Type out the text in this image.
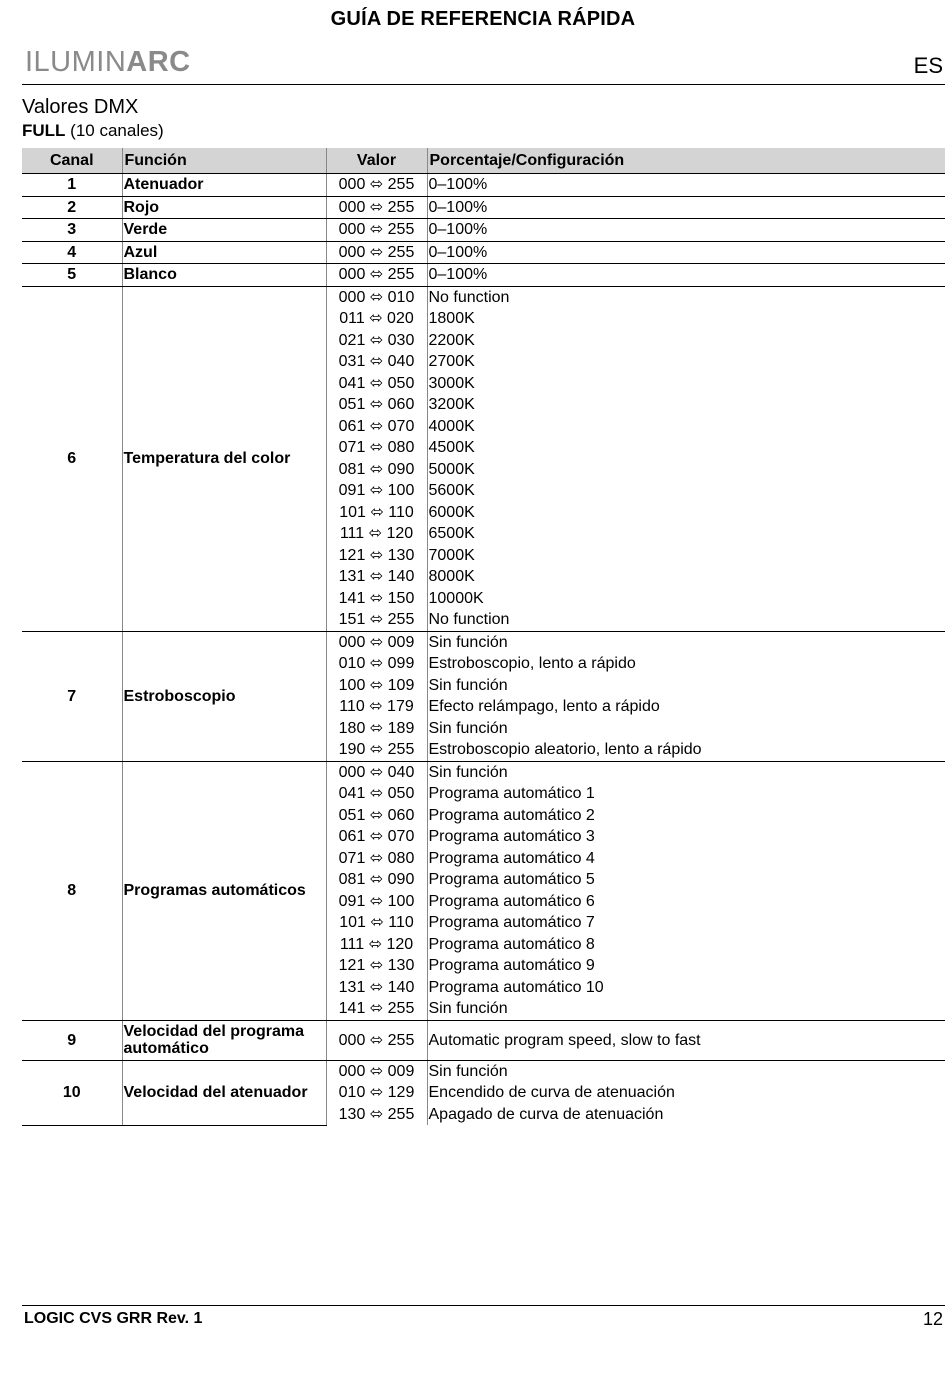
GUÍA DE REFERENCIA RÁPIDA
ILUMINARC	ES
Valores DMX
FULL (10 canales)
Canal	Función	Valor	Porcentaje/Configuración
1	Atenuador	000 ⬄ 255	0–100%
2	Rojo	000 ⬄ 255	0–100%
3	Verde	000 ⬄ 255	0–100%
4	Azul	000 ⬄ 255	0–100%
5	Blanco	000 ⬄ 255	0–100%
6	Temperatura del color	000 ⬄ 010	No function
		011 ⬄ 020	1800K
		021 ⬄ 030	2200K
		031 ⬄ 040	2700K
		041 ⬄ 050	3000K
		051 ⬄ 060	3200K
		061 ⬄ 070	4000K
		071 ⬄ 080	4500K
		081 ⬄ 090	5000K
		091 ⬄ 100	5600K
		101 ⬄ 110	6000K
		111 ⬄ 120	6500K
		121 ⬄ 130	7000K
		131 ⬄ 140	8000K
		141 ⬄ 150	10000K
		151 ⬄ 255	No function
7	Estroboscopio	000 ⬄ 009	Sin función
		010 ⬄ 099	Estroboscopio, lento a rápido
		100 ⬄ 109	Sin función
		110 ⬄ 179	Efecto relámpago, lento a rápido
		180 ⬄ 189	Sin función
		190 ⬄ 255	Estroboscopio aleatorio, lento a rápido
8	Programas automáticos	000 ⬄ 040	Sin función
		041 ⬄ 050	Programa automático 1
		051 ⬄ 060	Programa automático 2
		061 ⬄ 070	Programa automático 3
		071 ⬄ 080	Programa automático 4
		081 ⬄ 090	Programa automático 5
		091 ⬄ 100	Programa automático 6
		101 ⬄ 110	Programa automático 7
		111 ⬄ 120	Programa automático 8
		121 ⬄ 130	Programa automático 9
		131 ⬄ 140	Programa automático 10
		141 ⬄ 255	Sin función
9	Velocidad del programa automático	000 ⬄ 255	Automatic program speed, slow to fast
10	Velocidad del atenuador	000 ⬄ 009	Sin función
		010 ⬄ 129	Encendido de curva de atenuación
		130 ⬄ 255	Apagado de curva de atenuación
LOGIC CVS GRR Rev. 1	12
